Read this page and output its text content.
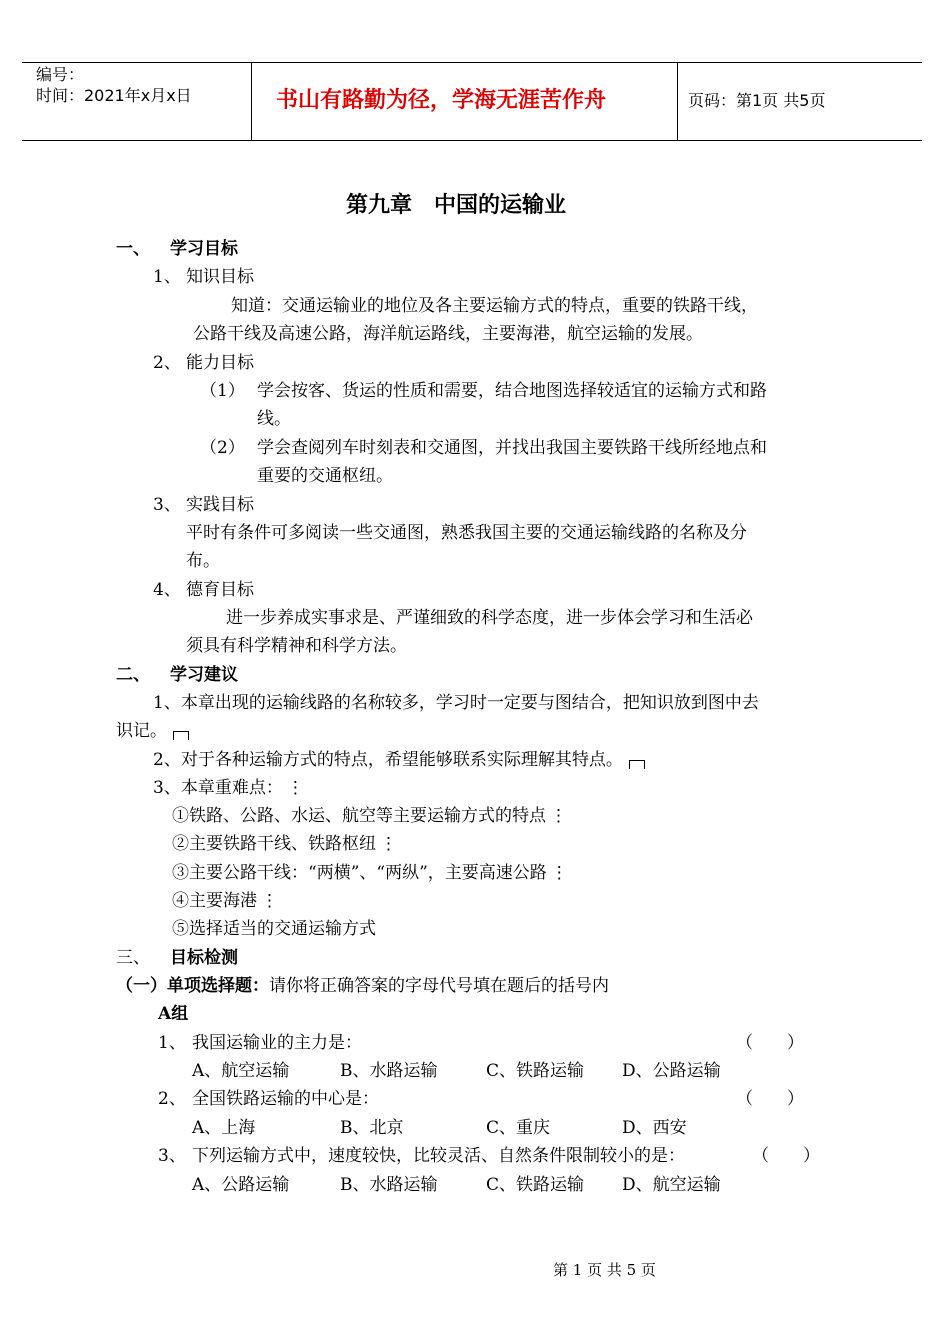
编号：
时间：2021年x月x日	书山有路勤为径，学海无涯苦作舟	页码：第1页 共5页
第九章　中国的运输业
一、 学习目标
1、 知识目标
知道：交通运输业的地位及各主要运输方式的特点，重要的铁路干线，
公路干线及高速公路，海洋航运路线，主要海港，航空运输的发展。
2、 能力目标
（1） 学会按客、货运的性质和需要，结合地图选择较适宜的运输方式和路
线。
（2） 学会查阅列车时刻表和交通图，并找出我国主要铁路干线所经地点和
重要的交通枢纽。
3、 实践目标
平时有条件可多阅读一些交通图，熟悉我国主要的交通运输线路的名称及分
布。
4、 德育目标
进一步养成实事求是、严谨细致的科学态度，进一步体会学习和生活必
须具有科学精神和科学方法。
二、 学习建议
1、本章出现的运输线路的名称较多，学习时一定要与图结合，把知识放到图中去
识记。
2、对于各种运输方式的特点，希望能够联系实际理解其特点。
3、本章重难点： ⋮
①铁路、公路、水运、航空等主要运输方式的特点 ⋮
②主要铁路干线、铁路枢纽 ⋮
③主要公路干线：“两横”、“两纵”，主要高速公路 ⋮
④主要海港 ⋮
⑤选择适当的交通运输方式
三、 目标检测
（一）单项选择题：请你将正确答案的字母代号填在题后的括号内
A组
1、 我国运输业的主力是：	（　　）
A、航空运输	B、水路运输	C、铁路运输 D、公路运输
2、 全国铁路运输的中心是：	（　　）
A、上海	B、北京	C、重庆	D、西安
3、 下列运输方式中，速度较快，比较灵活、自然条件限制较小的是：	（　　）
A、公路运输	B、水路运输	C、铁路运输 D、航空运输
第 1 页 共 5 页
